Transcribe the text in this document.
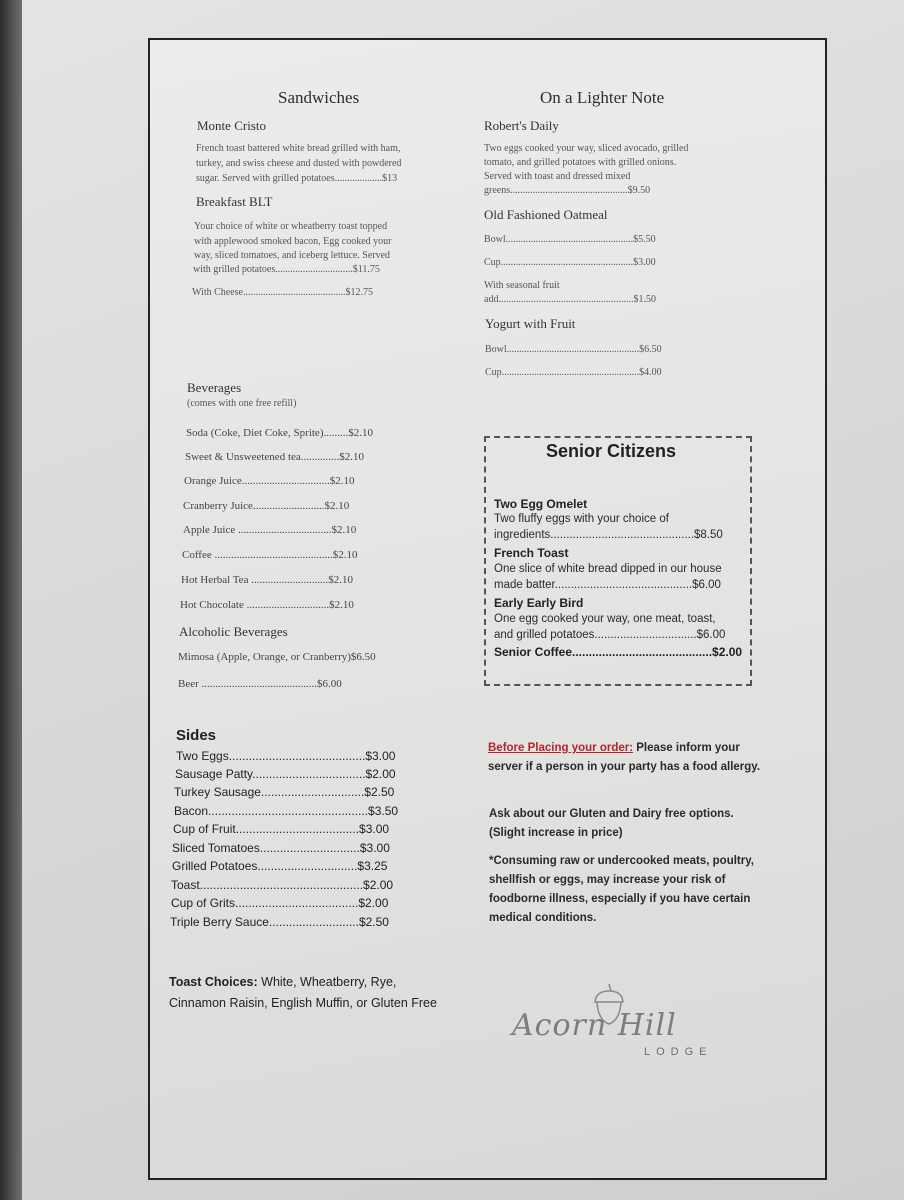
Sandwiches
Monte Cristo
French toast battered white bread grilled with ham,
turkey, and swiss cheese and dusted with powdered
sugar. Served with grilled potatoes...................$13
Breakfast BLT
Your choice of white or wheatberry toast topped
with applewood smoked bacon, Egg cooked your
way, sliced tomatoes, and iceberg lettuce. Served
with grilled potatoes...............................$11.75
With Cheese.........................................$12.75
On a Lighter Note
Robert's Daily
Two eggs cooked your way, sliced avocado, grilled
tomato, and grilled potatoes with grilled onions.
Served with toast and dressed mixed
greens...............................................$9.50
Old Fashioned Oatmeal
Bowl...................................................$5.50
Cup.....................................................$3.00
With seasonal fruit
add......................................................$1.50
Yogurt with Fruit
Bowl.....................................................$6.50
Cup.......................................................$4.00
Beverages
(comes with one free refill)
Soda (Coke, Diet Coke, Sprite).........$2.10
Sweet & Unsweetened tea..............$2.10
Orange Juice................................$2.10
Cranberry Juice..........................$2.10
Apple Juice ..................................$2.10
Coffee ...........................................$2.10
Hot Herbal Tea ............................$2.10
Hot Chocolate ..............................$2.10
Alcoholic Beverages
Mimosa (Apple, Orange, or Cranberry)$6.50
Beer ..........................................$6.00
Senior Citizens
Two Egg Omelet
Two fluffy eggs with your choice of
ingredients.............................................$8.50
French Toast
One slice of white bread dipped in our house
made batter...........................................$6.00
Early Early Bird
One egg cooked your way, one meat, toast,
and grilled potatoes................................$6.00
Senior Coffee..........................................$2.00
Sides
Two Eggs.........................................$3.00
Sausage Patty..................................$2.00
Turkey Sausage...............................$2.50
Bacon................................................$3.50
Cup of Fruit.....................................$3.00
Sliced Tomatoes..............................$3.00
Grilled Potatoes..............................$3.25
Toast.................................................$2.00
Cup of Grits.....................................$2.00
Triple Berry Sauce...........................$2.50
Toast Choices: White, Wheatberry, Rye, Cinnamon Raisin, English Muffin, or Gluten Free
Before Placing your order: Please inform your server if a person in your party has a food allergy.
Ask about our Gluten and Dairy free options. (Slight increase in price)
*Consuming raw or undercooked meats, poultry, shellfish or eggs, may increase your risk of foodborne illness, especially if you have certain medical conditions.
Acorn Hill
LODGE
